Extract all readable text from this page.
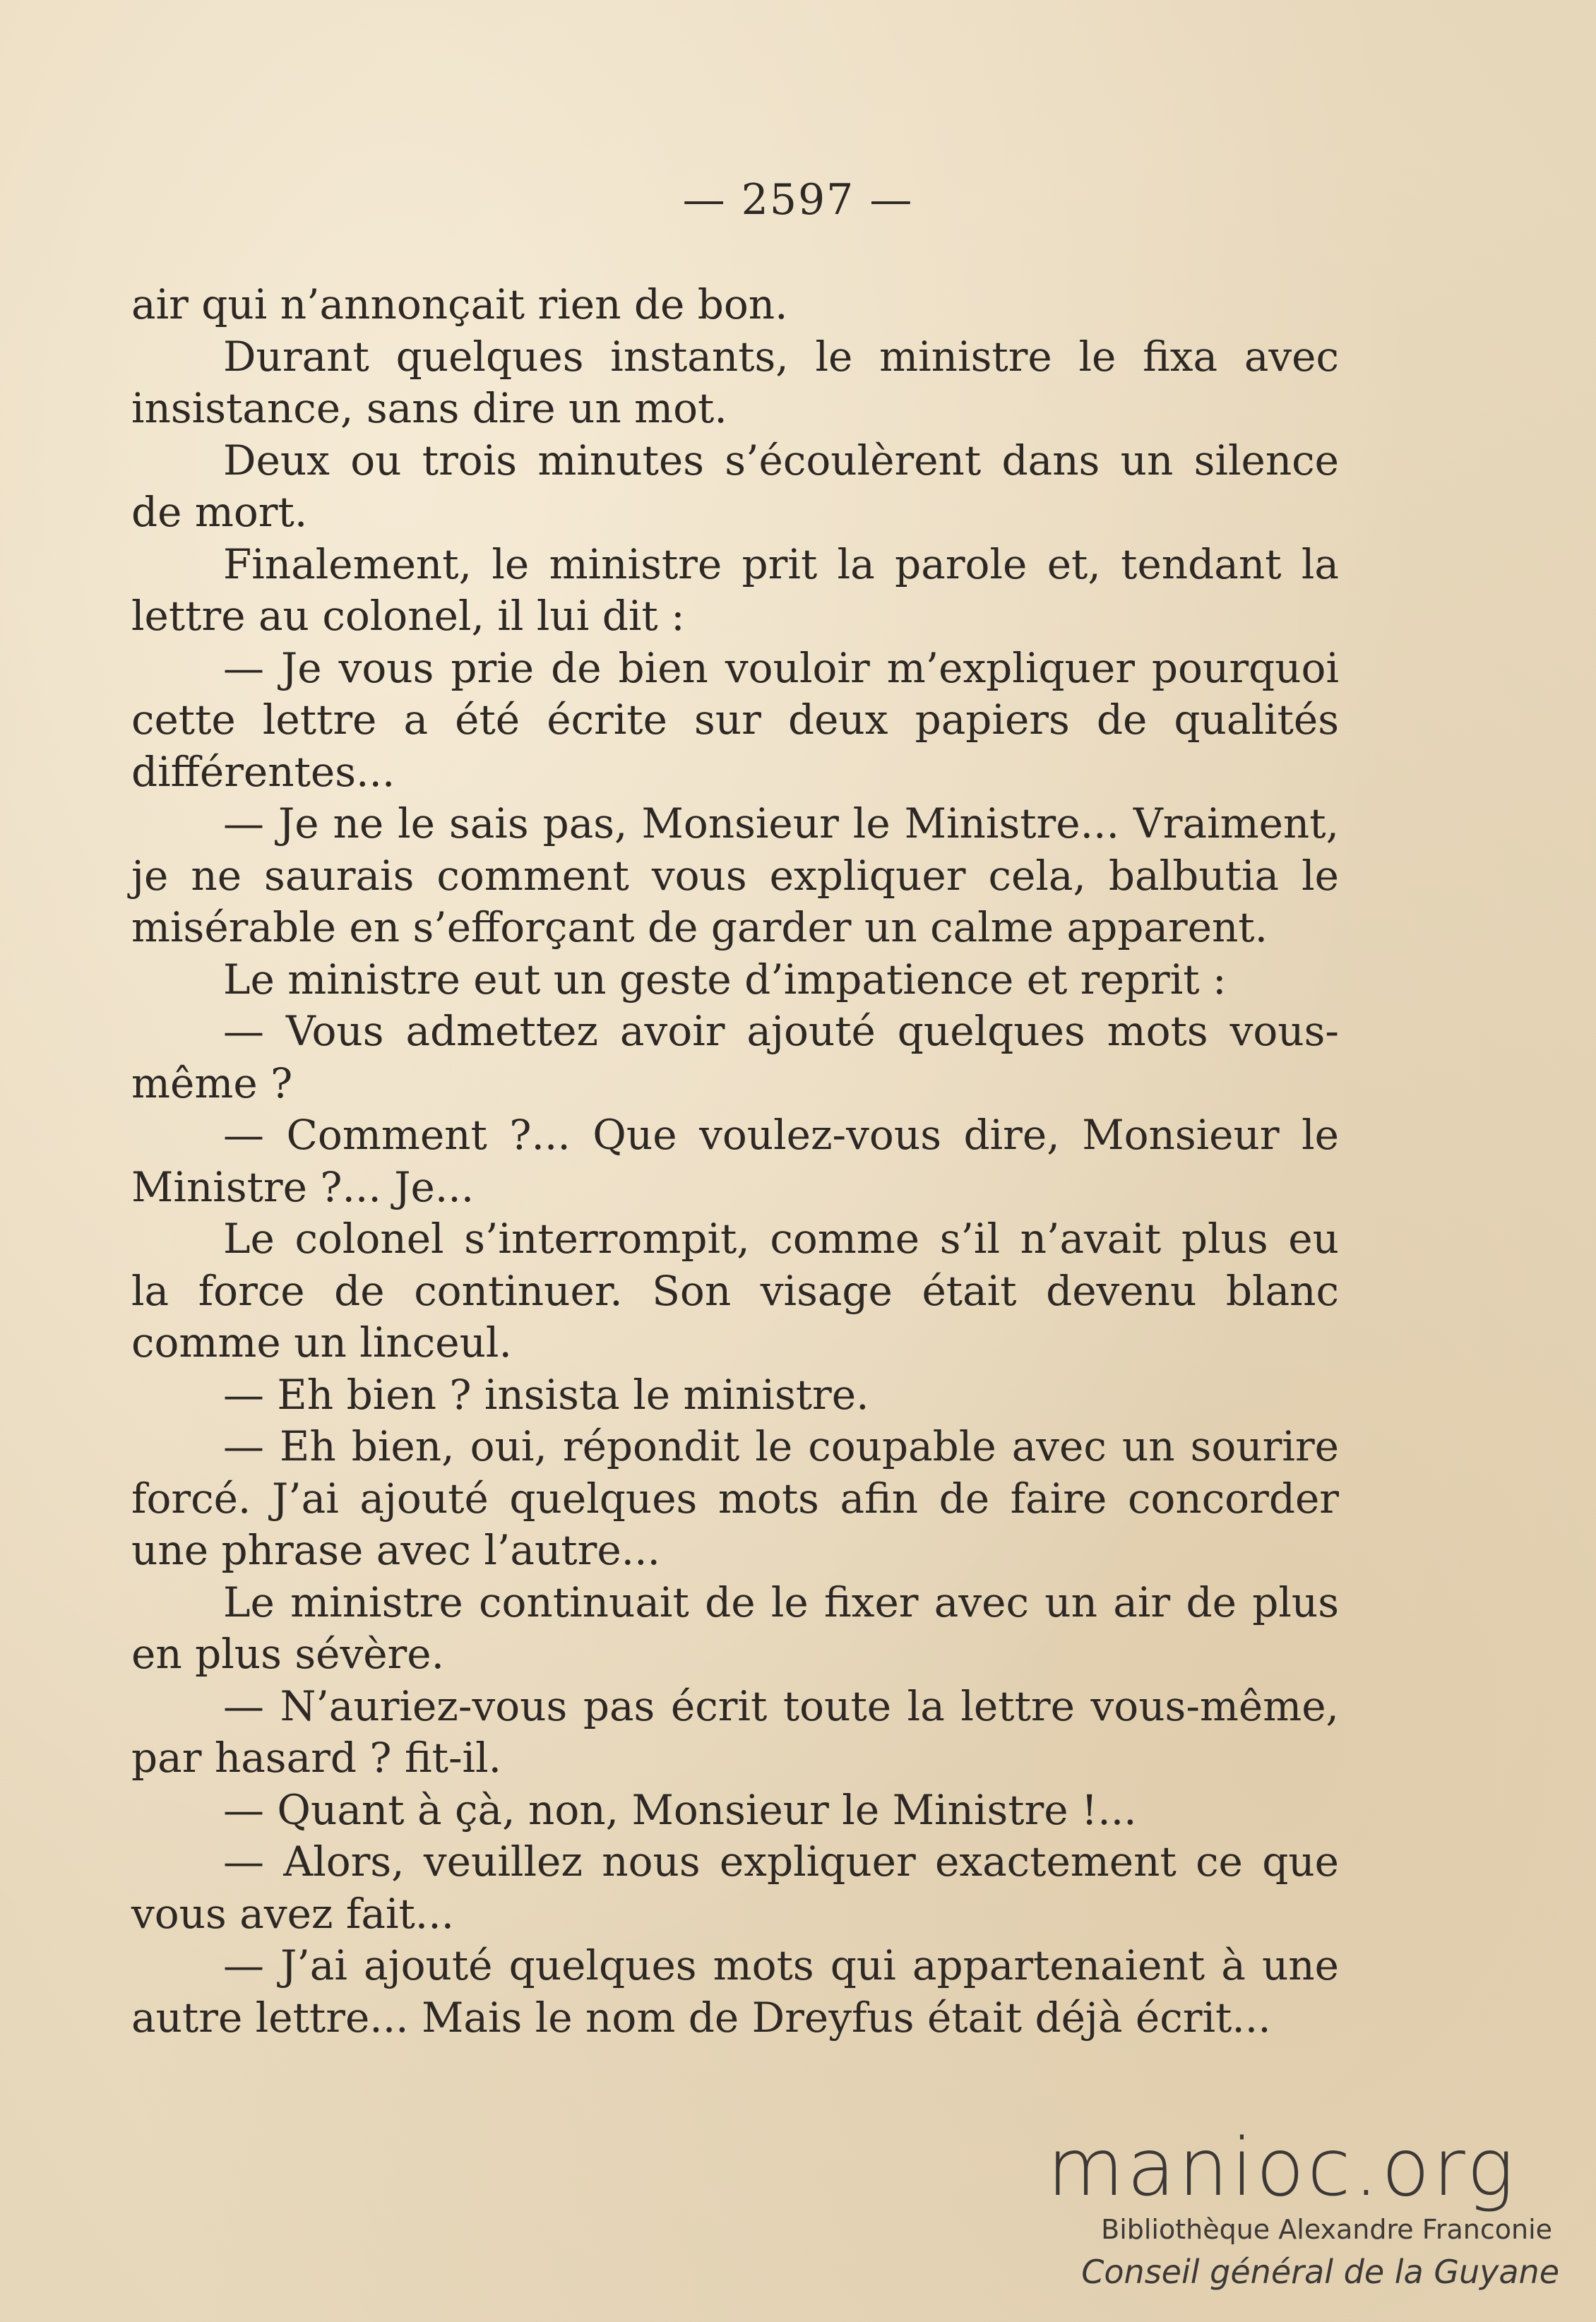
— 2597 —

air qui n’annonçait rien de bon.

Durant quelques instants, le ministre le fixa avec insistance, sans dire un mot.

Deux ou trois minutes s’écoulèrent dans un silence de mort.

Finalement, le ministre prit la parole et, tendant la lettre au colonel, il lui dit :

— Je vous prie de bien vouloir m’expliquer pourquoi cette lettre a été écrite sur deux papiers de qualités différentes...

— Je ne le sais pas, Monsieur le Ministre... Vraiment, je ne saurais comment vous expliquer cela, balbutia le misérable en s’efforçant de garder un calme apparent.

Le ministre eut un geste d’impatience et reprit :

— Vous admettez avoir ajouté quelques mots vous-même ?

— Comment ?... Que voulez-vous dire, Monsieur le Ministre ?... Je...

Le colonel s’interrompit, comme s’il n’avait plus eu la force de continuer. Son visage était devenu blanc comme un linceul.

— Eh bien ? insista le ministre.

— Eh bien, oui, répondit le coupable avec un sourire forcé. J’ai ajouté quelques mots afin de faire concorder une phrase avec l’autre...

Le ministre continuait de le fixer avec un air de plus en plus sévère.

— N’auriez-vous pas écrit toute la lettre vous-même, par hasard ? fit-il.

— Quant à çà, non, Monsieur le Ministre !...

— Alors, veuillez nous expliquer exactement ce que vous avez fait...

— J’ai ajouté quelques mots qui appartenaient à une autre lettre... Mais le nom de Dreyfus était déjà écrit...

manioc.org
Bibliothèque Alexandre Franconie
Conseil général de la Guyane
